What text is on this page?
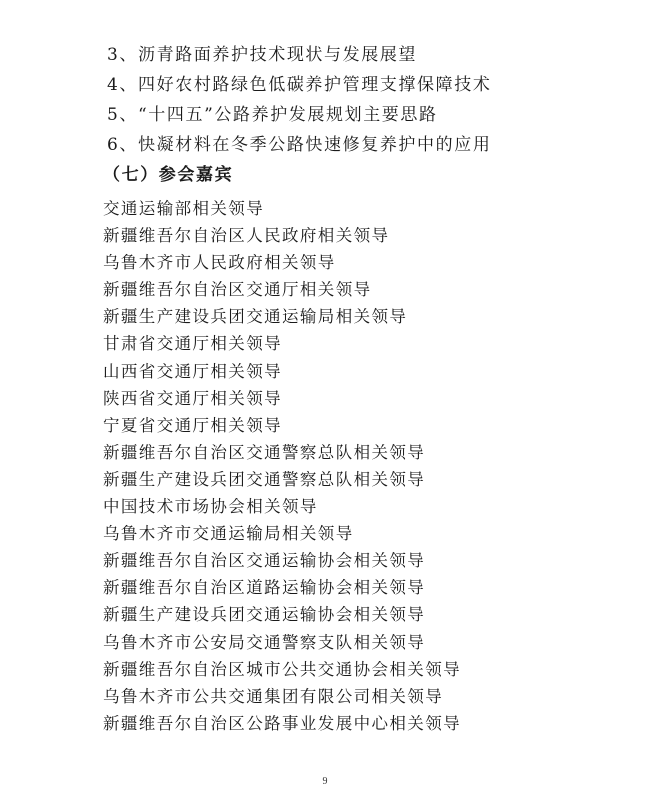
3、沥青路面养护技术现状与发展展望
4、四好农村路绿色低碳养护管理支撑保障技术
5、“十四五”公路养护发展规划主要思路
6、快凝材料在冬季公路快速修复养护中的应用
（七）参会嘉宾
交通运输部相关领导
新疆维吾尔自治区人民政府相关领导
乌鲁木齐市人民政府相关领导
新疆维吾尔自治区交通厅相关领导
新疆生产建设兵团交通运输局相关领导
甘肃省交通厅相关领导
山西省交通厅相关领导
陕西省交通厅相关领导
宁夏省交通厅相关领导
新疆维吾尔自治区交通警察总队相关领导
新疆生产建设兵团交通警察总队相关领导
中国技术市场协会相关领导
乌鲁木齐市交通运输局相关领导
新疆维吾尔自治区交通运输协会相关领导
新疆维吾尔自治区道路运输协会相关领导
新疆生产建设兵团交通运输协会相关领导
乌鲁木齐市公安局交通警察支队相关领导
新疆维吾尔自治区城市公共交通协会相关领导
乌鲁木齐市公共交通集团有限公司相关领导
新疆维吾尔自治区公路事业发展中心相关领导
9
